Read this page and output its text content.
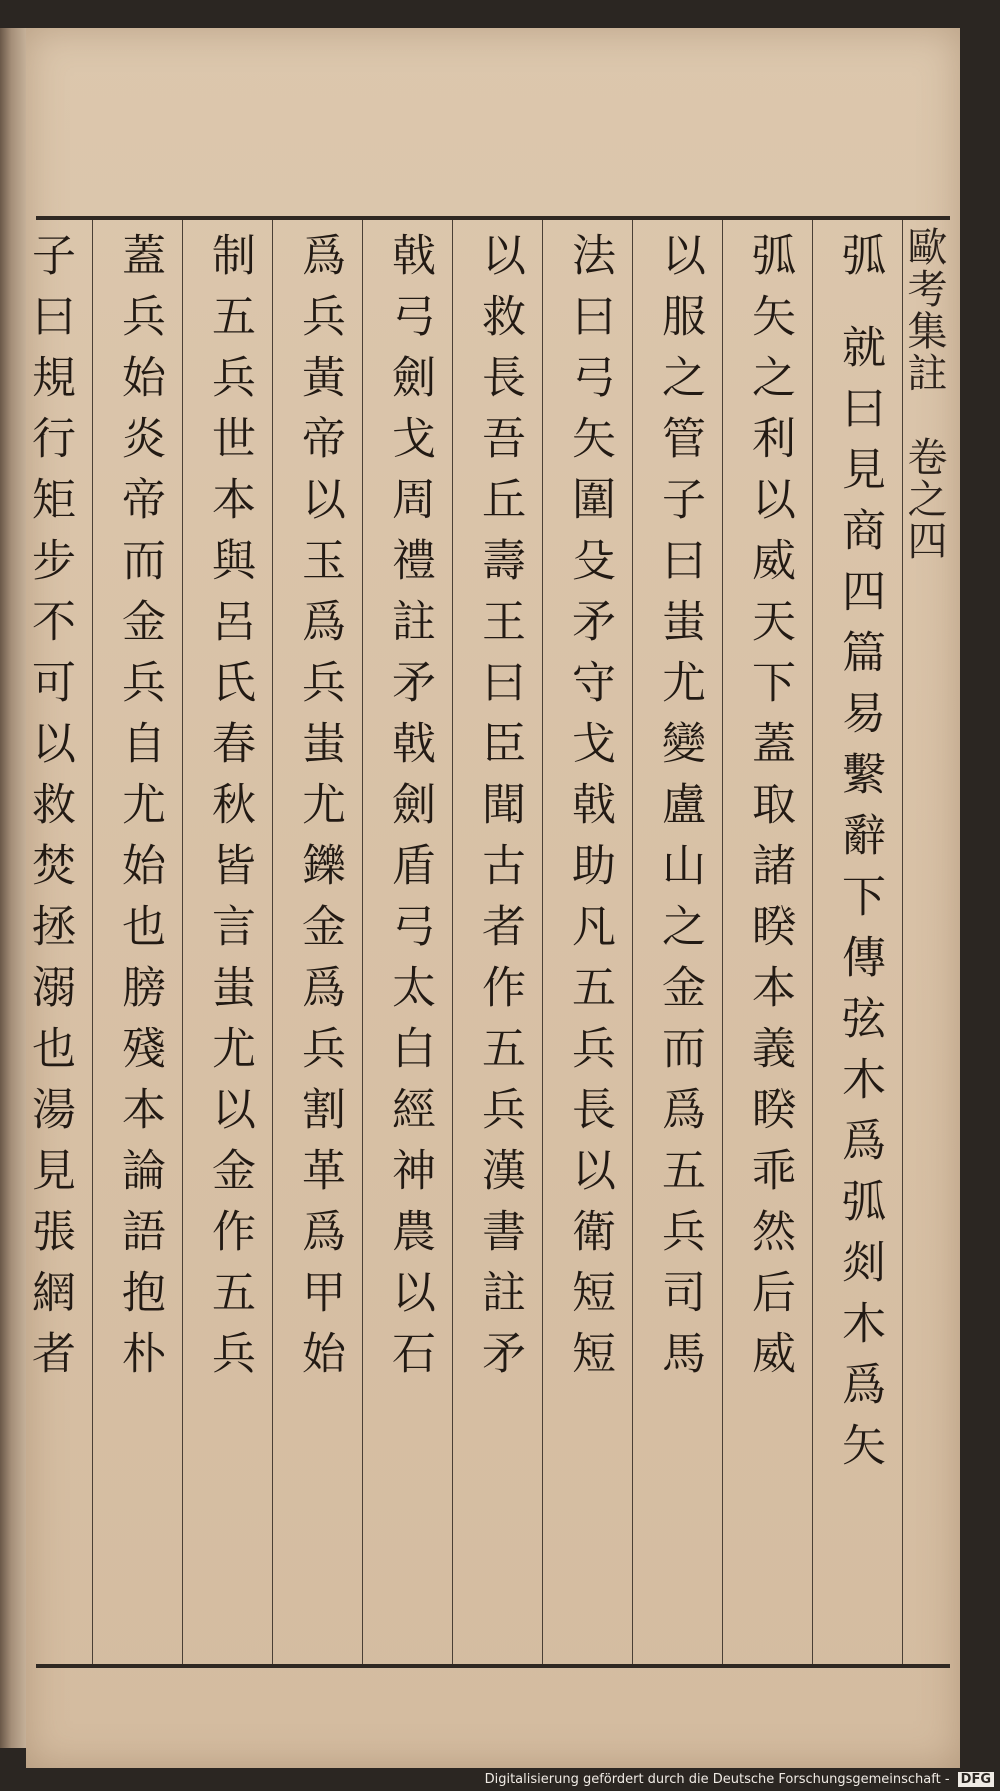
歐考集註　卷之四
弧 就曰見商四篇易繫辭下傳弦木爲弧剡木爲矢
弧矢之利以威天下蓋取諸睽本義睽乖然后威
以服之管子曰蚩尤變盧山之金而爲五兵司馬
法曰弓矢圍殳矛守戈戟助凡五兵長以衛短短
以救長吾丘壽王曰臣聞古者作五兵漢書註矛
戟弓劍戈周禮註矛戟劍盾弓太白經神農以石
爲兵黃帝以玉爲兵蚩尤鑠金爲兵割革爲甲始
制五兵世本與呂氏春秋皆言蚩尤以金作五兵
蓋兵始炎帝而金兵自尤始也膀殘本論語抱朴
子曰規行矩步不可以救焚拯溺也湯見張網者
Digitalisierung gefördert durch die Deutsche Forschungsgemeinschaft - DFG
